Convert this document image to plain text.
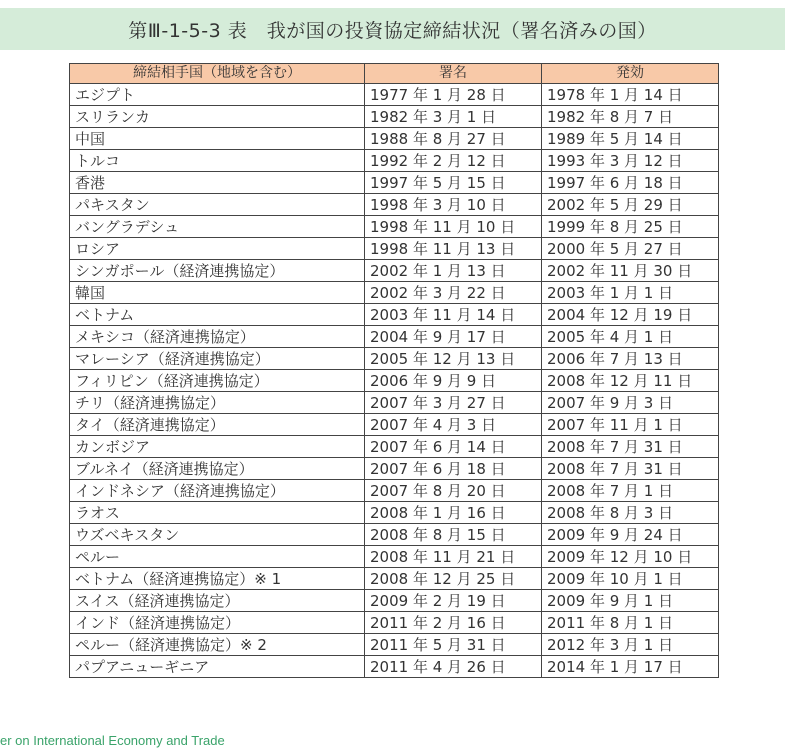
第Ⅲ-1-5-3 表　我が国の投資協定締結状況（署名済みの国）
締結相手国（地域を含む）	署名	発効
エジプト	1977 年 1 月 28 日	1978 年 1 月 14 日
スリランカ	1982 年 3 月 1 日	1982 年 8 月 7 日
中国	1988 年 8 月 27 日	1989 年 5 月 14 日
トルコ	1992 年 2 月 12 日	1993 年 3 月 12 日
香港	1997 年 5 月 15 日	1997 年 6 月 18 日
パキスタン	1998 年 3 月 10 日	2002 年 5 月 29 日
バングラデシュ	1998 年 11 月 10 日	1999 年 8 月 25 日
ロシア	1998 年 11 月 13 日	2000 年 5 月 27 日
シンガポール（経済連携協定）	2002 年 1 月 13 日	2002 年 11 月 30 日
韓国	2002 年 3 月 22 日	2003 年 1 月 1 日
ベトナム	2003 年 11 月 14 日	2004 年 12 月 19 日
メキシコ（経済連携協定）	2004 年 9 月 17 日	2005 年 4 月 1 日
マレーシア（経済連携協定）	2005 年 12 月 13 日	2006 年 7 月 13 日
フィリピン（経済連携協定）	2006 年 9 月 9 日	2008 年 12 月 11 日
チリ（経済連携協定）	2007 年 3 月 27 日	2007 年 9 月 3 日
タイ（経済連携協定）	2007 年 4 月 3 日	2007 年 11 月 1 日
カンボジア	2007 年 6 月 14 日	2008 年 7 月 31 日
ブルネイ（経済連携協定）	2007 年 6 月 18 日	2008 年 7 月 31 日
インドネシア（経済連携協定）	2007 年 8 月 20 日	2008 年 7 月 1 日
ラオス	2008 年 1 月 16 日	2008 年 8 月 3 日
ウズベキスタン	2008 年 8 月 15 日	2009 年 9 月 24 日
ペルー	2008 年 11 月 21 日	2009 年 12 月 10 日
ベトナム（経済連携協定）※ 1	2008 年 12 月 25 日	2009 年 10 月 1 日
スイス（経済連携協定）	2009 年 2 月 19 日	2009 年 9 月 1 日
インド（経済連携協定）	2011 年 2 月 16 日	2011 年 8 月 1 日
ペルー（経済連携協定）※ 2	2011 年 5 月 31 日	2012 年 3 月 1 日
パプアニューギニア	2011 年 4 月 26 日	2014 年 1 月 17 日
er on International Economy and Trade
